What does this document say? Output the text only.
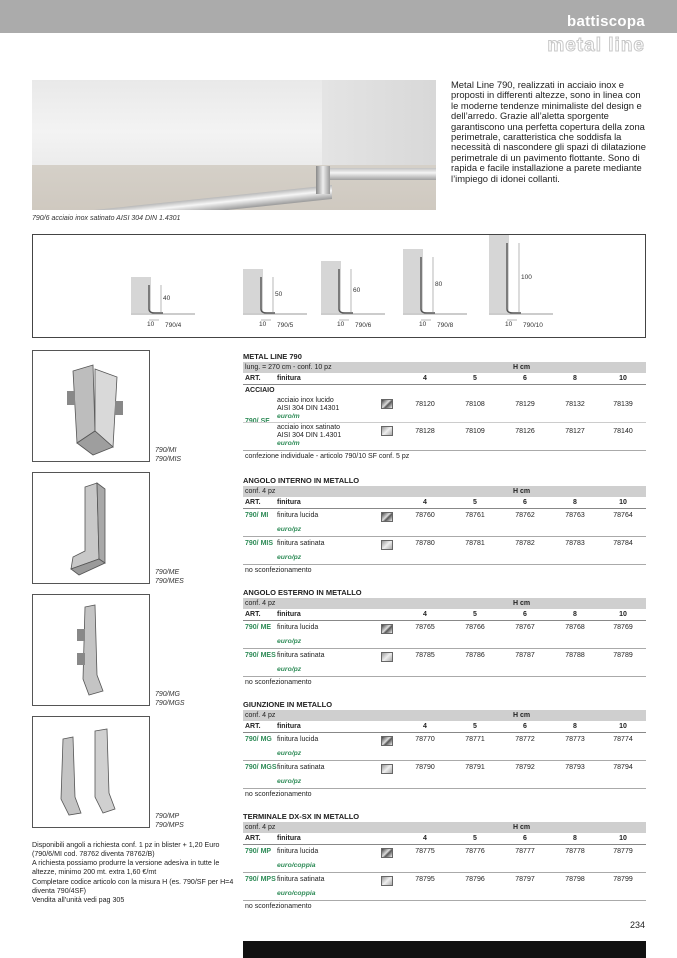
battiscopa
metal line
790/6 acciaio inox satinato AISI 304 DIN 1.4301
Metal Line 790, realizzati in acciaio inox e proposti in differenti altezze, sono in linea con le moderne tendenze minimaliste del design e dell’arredo. Grazie all’aletta sporgente garantiscono una perfetta copertura della zona perimetrale, caratteristica che soddisfa la necessità di nascondere gli spazi di dilatazione perimetrale di un pavimento flottante. Sono di rapida e facile installazione a parete mediante l’impiego di idonei collanti.
40
10 790/4
50
10 790/5
60
10 790/6
80
10 790/8
100
10 790/10
790/MI
790/MIS
790/ME
790/MES
790/MG
790/MGS
790/MP
790/MPS

Disponibili angoli a richiesta conf. 1 pz in blister + 1,20 Euro (790/6/MI cod. 78762 diventa 78762/B)

A richiesta possiamo produrre la versione adesiva in tutte le altezze, minimo 200 mt. extra 1,60 €/mt

Completare codice articolo con la misura H (es. 790/SF per H=4 diventa 790/4SF)

Vendita all’unità vedi pag 305

METAL LINE 790
lung. = 270 cm - conf. 10 pz	H cm
ART. finitura	4	5	6	8	10
ACCIAIO
790/ SF
acciaio inox lucido
AISI 304 DIN 14301
euro/m
78120	78108	78129	78132	78139
acciaio inox satinato
AISI 304 DIN 1.4301
euro/m
78128	78109	78126	78127	78140
confezione individuale - articolo 790/10 SF conf. 5 pz
ANGOLO INTERNO IN METALLO
conf. 4 pz	H cm
ART. finitura	4	5	6	8	10
790/ MI finitura lucida	78760	78761	78762	78763	78764
euro/pz
790/ MIS finitura satinata	78780	78781	78782	78783	78784
euro/pz
no sconfezionamento
ANGOLO ESTERNO IN METALLO
conf. 4 pz	H cm
ART. finitura	4	5	6	8	10
790/ ME finitura lucida	78765	78766	78767	78768	78769
euro/pz
790/ MES finitura satinata	78785	78786	78787	78788	78789
euro/pz
no sconfezionamento
GIUNZIONE IN METALLO
conf. 4 pz	H cm
ART. finitura	4	5	6	8	10
790/ MG finitura lucida	78770	78771	78772	78773	78774
euro/pz
790/ MGS finitura satinata	78790	78791	78792	78793	78794
euro/pz
no sconfezionamento
TERMINALE DX-SX IN METALLO
conf. 4 pz	H cm
ART. finitura	4	5	6	8	10
790/ MP finitura lucida	78775	78776	78777	78778	78779
euro/coppia
790/ MPS finitura satinata	78795	78796	78797	78798	78799
euro/coppia
no sconfezionamento
234
